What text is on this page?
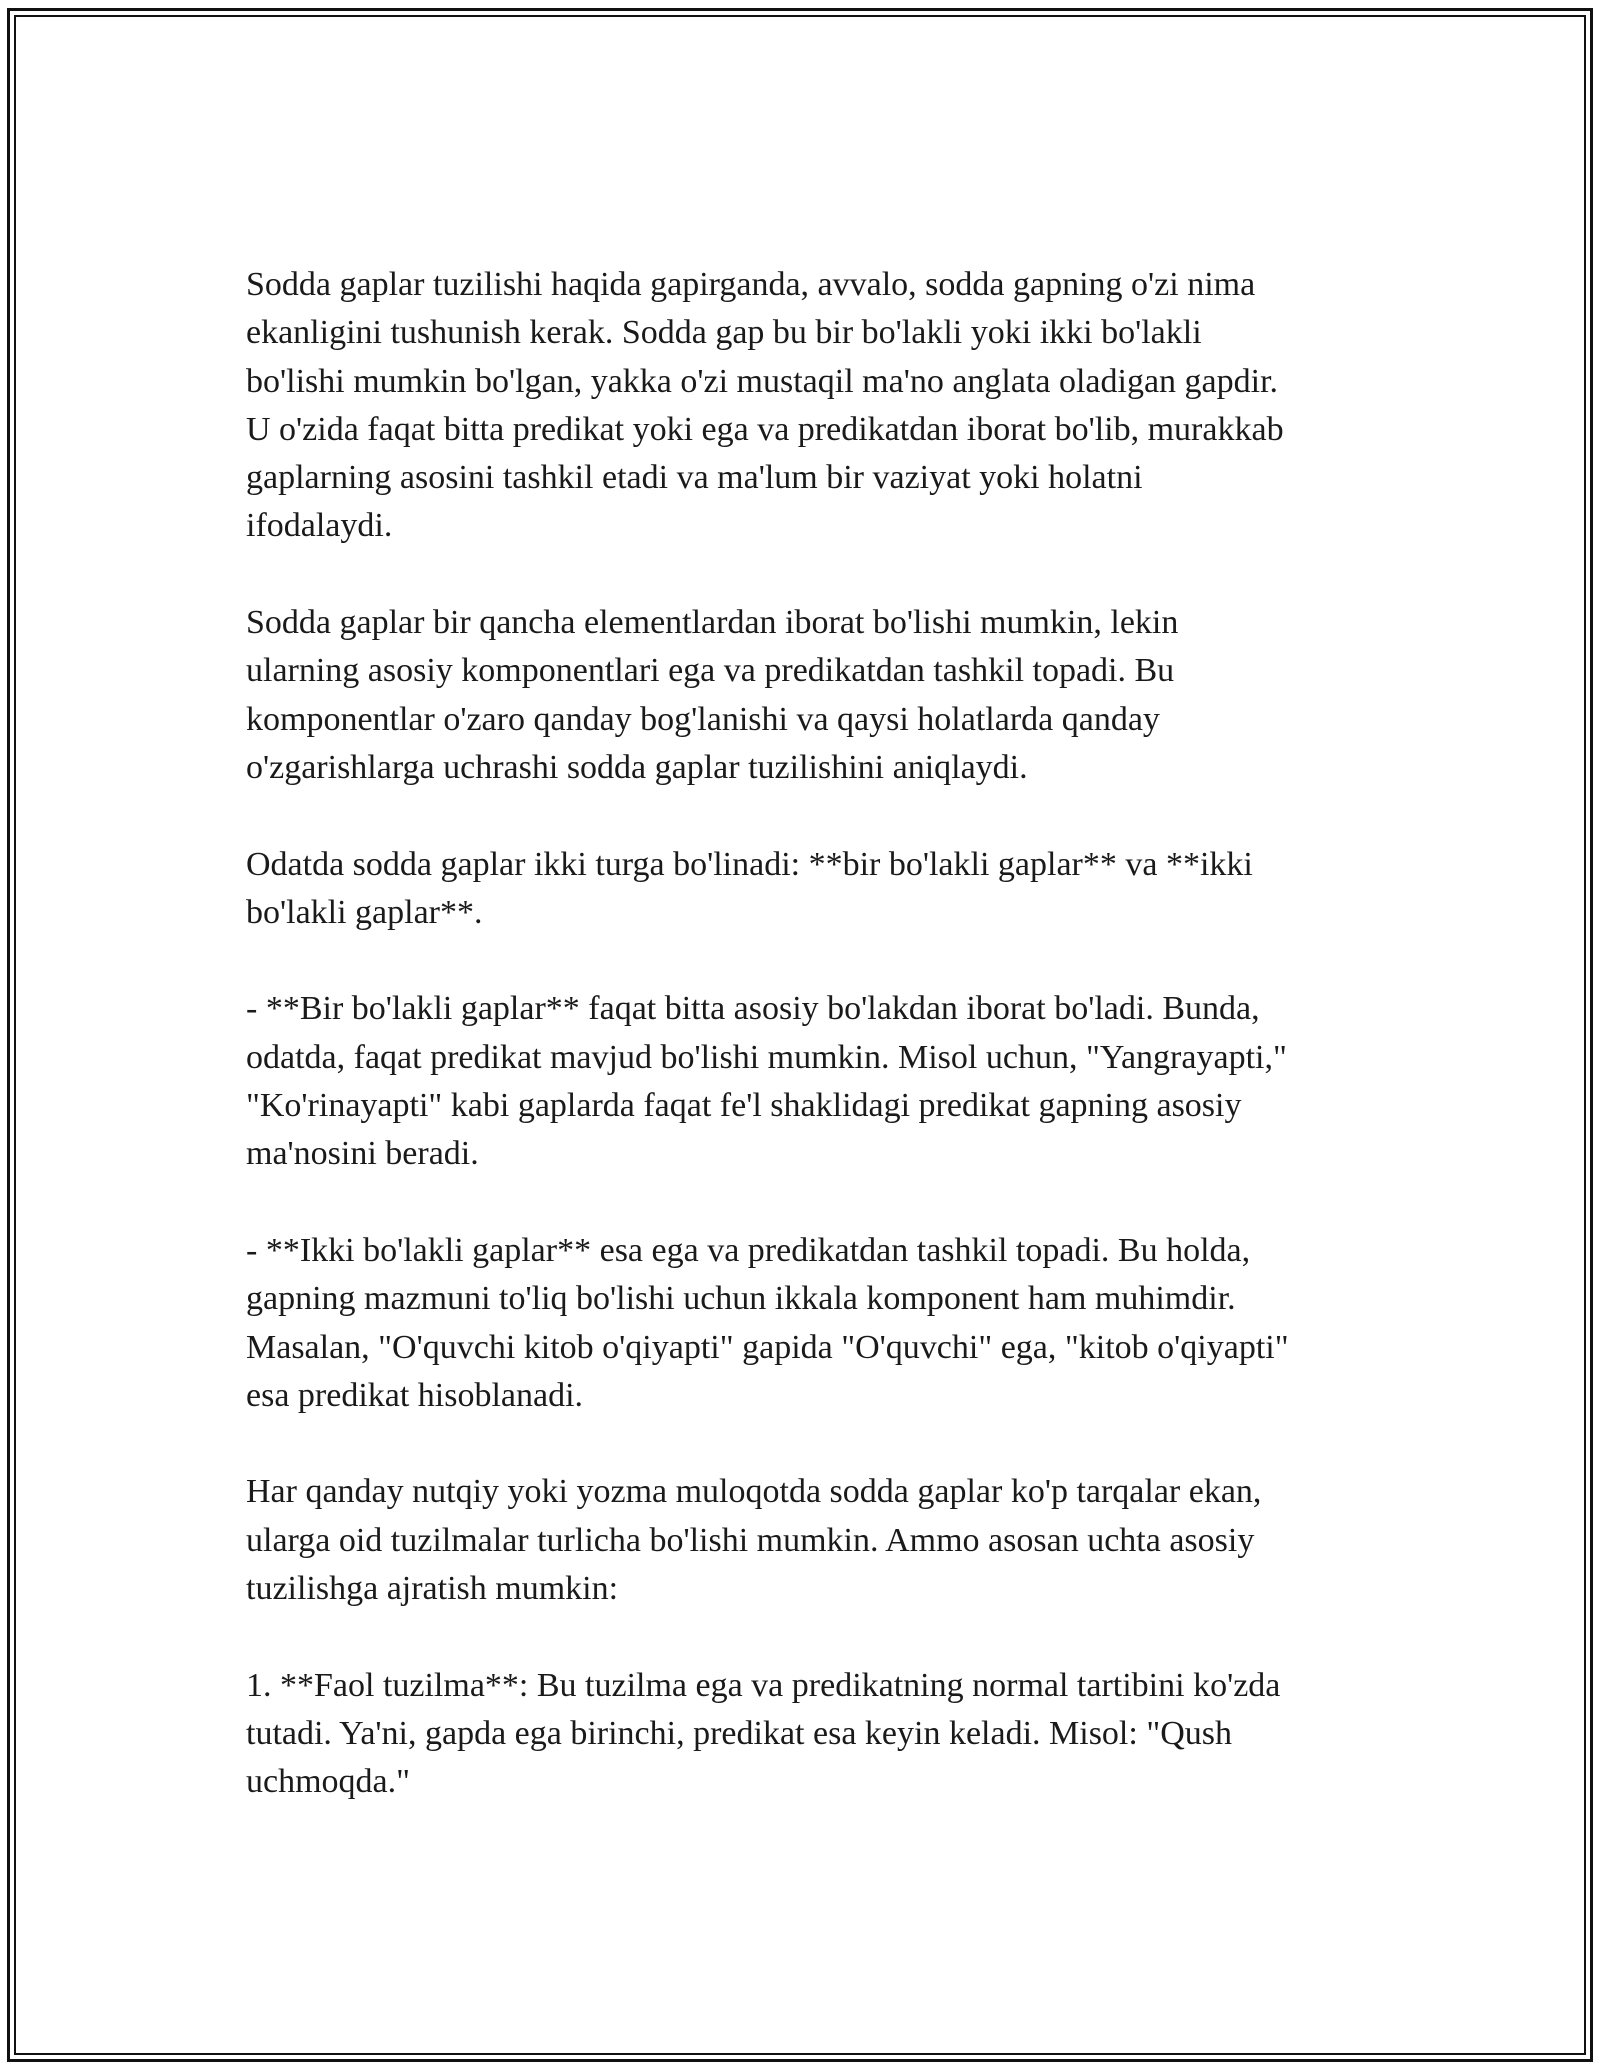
Sodda gaplar tuzilishi haqida gapirganda, avvalo, sodda gapning o'zi nima
ekanligini tushunish kerak. Sodda gap bu bir bo'lakli yoki ikki bo'lakli
bo'lishi mumkin bo'lgan, yakka o'zi mustaqil ma'no anglata oladigan gapdir.
U o'zida faqat bitta predikat yoki ega va predikatdan iborat bo'lib, murakkab
gaplarning asosini tashkil etadi va ma'lum bir vaziyat yoki holatni
ifodalaydi.

Sodda gaplar bir qancha elementlardan iborat bo'lishi mumkin, lekin
ularning asosiy komponentlari ega va predikatdan tashkil topadi. Bu
komponentlar o'zaro qanday bog'lanishi va qaysi holatlarda qanday
o'zgarishlarga uchrashi sodda gaplar tuzilishini aniqlaydi.

Odatda sodda gaplar ikki turga bo'linadi: **bir bo'lakli gaplar** va **ikki
bo'lakli gaplar**.

- **Bir bo'lakli gaplar** faqat bitta asosiy bo'lakdan iborat bo'ladi. Bunda,
odatda, faqat predikat mavjud bo'lishi mumkin. Misol uchun, "Yangrayapti,"
"Ko'rinayapti" kabi gaplarda faqat fe'l shaklidagi predikat gapning asosiy
ma'nosini beradi.

- **Ikki bo'lakli gaplar** esa ega va predikatdan tashkil topadi. Bu holda,
gapning mazmuni to'liq bo'lishi uchun ikkala komponent ham muhimdir.
Masalan, "O'quvchi kitob o'qiyapti" gapida "O'quvchi" ega, "kitob o'qiyapti"
esa predikat hisoblanadi.

Har qanday nutqiy yoki yozma muloqotda sodda gaplar ko'p tarqalar ekan,
ularga oid tuzilmalar turlicha bo'lishi mumkin. Ammo asosan uchta asosiy
tuzilishga ajratish mumkin:

1. **Faol tuzilma**: Bu tuzilma ega va predikatning normal tartibini ko'zda
tutadi. Ya'ni, gapda ega birinchi, predikat esa keyin keladi. Misol: "Qush
uchmoqda."
